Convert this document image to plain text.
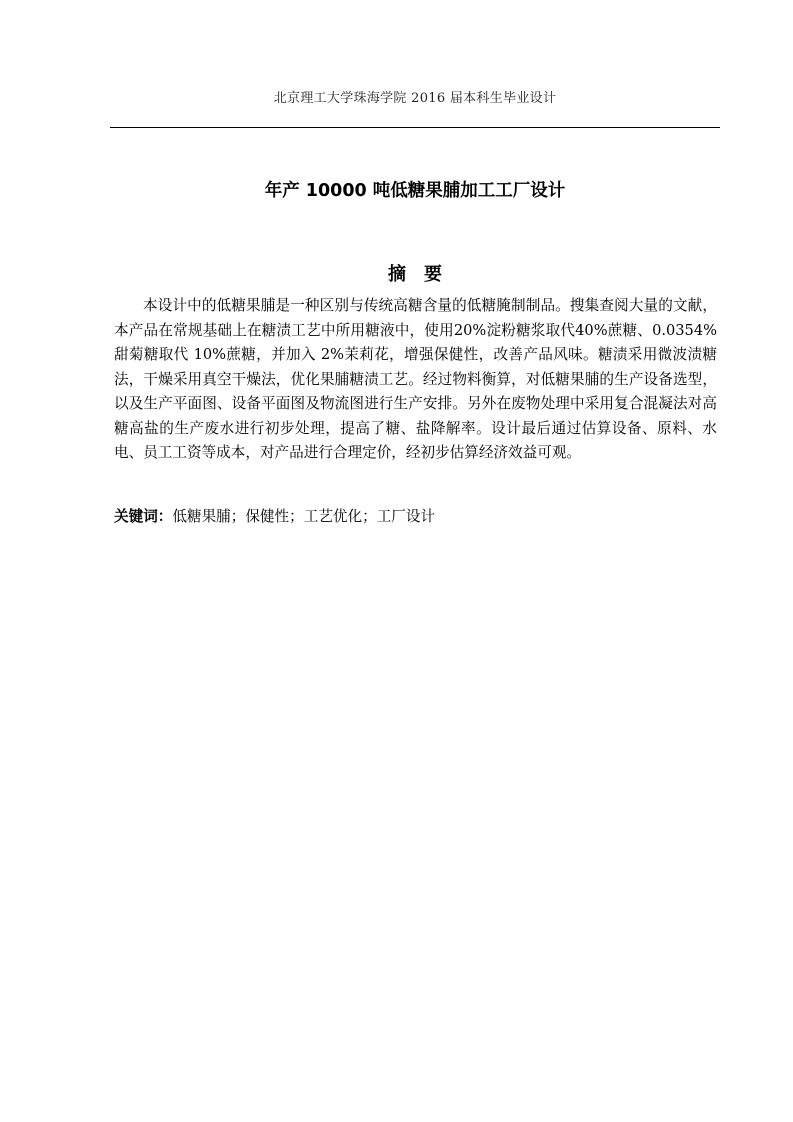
北京理工大学珠海学院 2016 届本科生毕业设计
年产 10000 吨低糖果脯加工工厂设计
摘要

本设计中的低糖果脯是一种区别与传统高糖含量的低糖腌制制品。搜集查阅大量的文献，本产品在常规基础上在糖渍工艺中所用糖液中，使用20%淀粉糖浆取代40%蔗糖、0.0354%甜菊糖取代 10%蔗糖，并加入 2%茉莉花，增强保健性，改善产品风味。糖渍采用微波渍糖法，干燥采用真空干燥法，优化果脯糖渍工艺。经过物料衡算，对低糖果脯的生产设备选型，以及生产平面图、设备平面图及物流图进行生产安排。另外在废物处理中采用复合混凝法对高糖高盐的生产废水进行初步处理，提高了糖、盐降解率。设计最后通过估算设备、原料、水电、员工工资等成本，对产品进行合理定价，经初步估算经济效益可观。

关键词：低糖果脯；保健性；工艺优化；工厂设计
